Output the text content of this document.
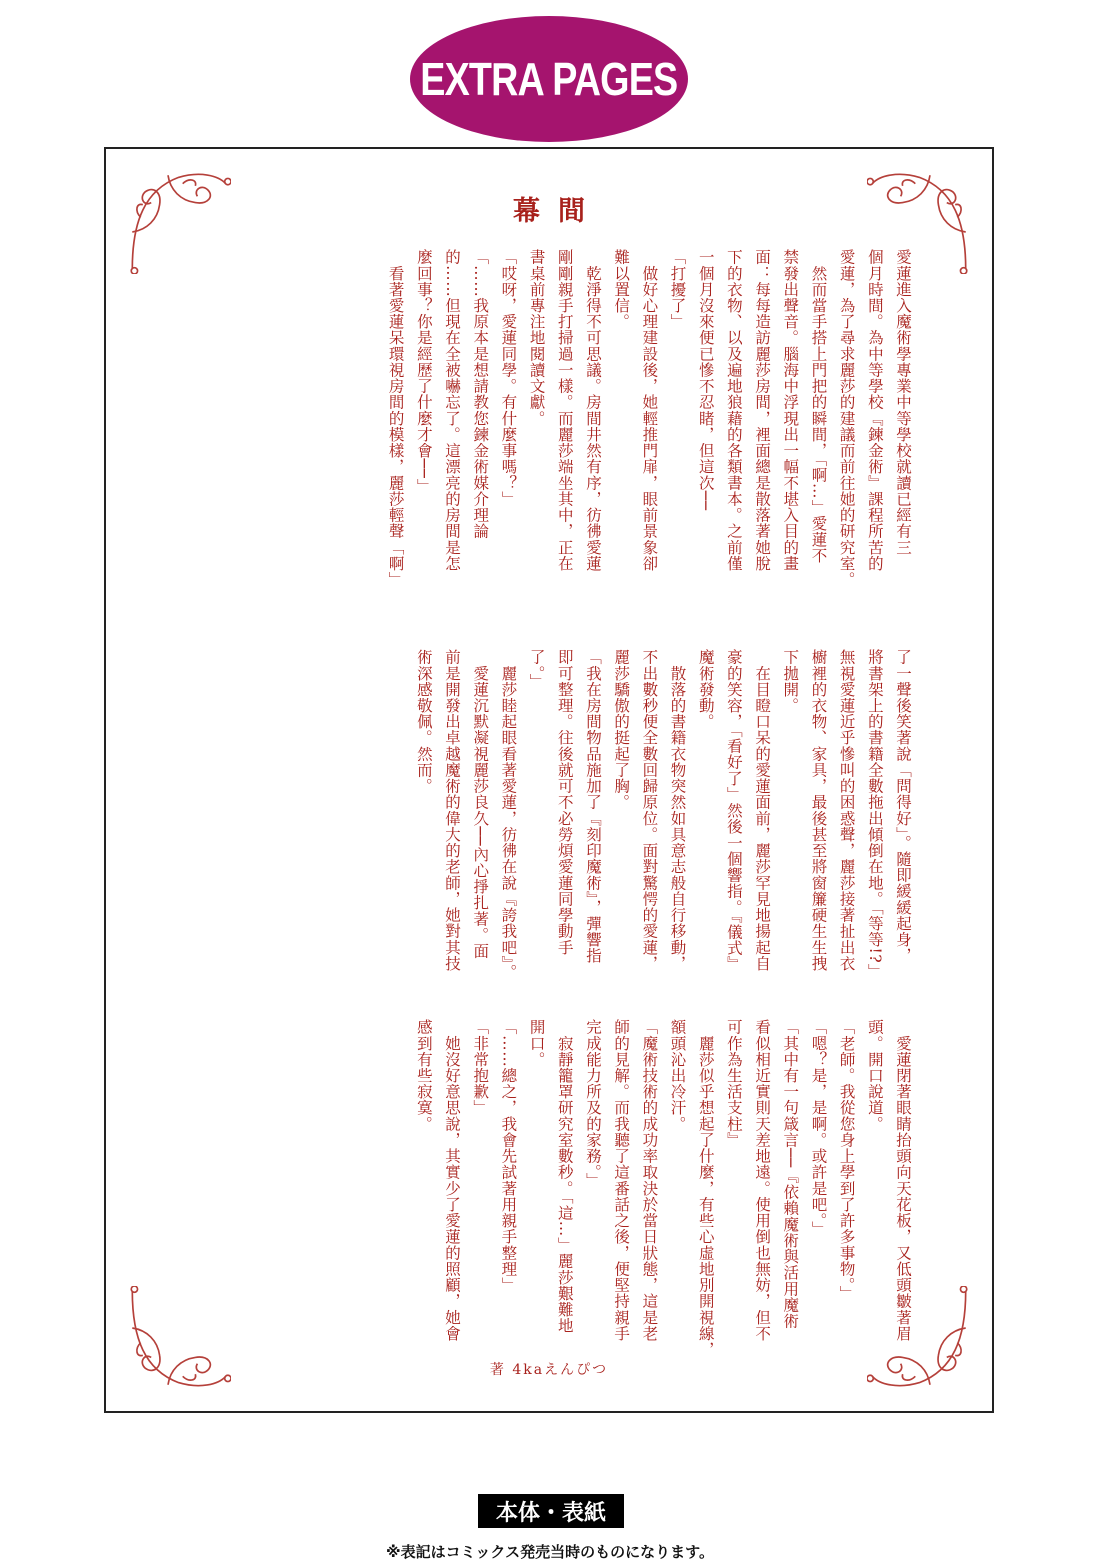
EXTRA PAGES
幕間
愛蓮進入魔術學專業中等學校就讀已經有三
個月時間。為中等學校『鍊金術』課程所苦的
愛蓮，為了尋求麗莎的建議而前往她的研究室。
　然而當手搭上門把的瞬間，「啊…」愛蓮不
禁發出聲音。腦海中浮現出一幅不堪入目的畫
面：每每造訪麗莎房間，裡面總是散落著她脫
下的衣物、以及遍地狼藉的各類書本。之前僅
一個月沒來便已慘不忍睹，但這次──
「打擾了」
　做好心理建設後，她輕推門扉，眼前景象卻
難以置信。
　乾淨得不可思議。房間井然有序，彷彿愛蓮
剛剛親手打掃過一樣。而麗莎端坐其中，正在
書桌前專注地閱讀文獻。
「哎呀，愛蓮同學。有什麼事嗎？」
「……我原本是想請教您鍊金術媒介理論
的……但現在全被嚇忘了。這漂亮的房間是怎
麼回事？你是經歷了什麼才會──」
　看著愛蓮呆環視房間的模樣，麗莎輕聲「啊」
了一聲後笑著說「問得好」。隨即緩緩起身，
將書架上的書籍全數拖出傾倒在地。「等等!?」
無視愛蓮近乎慘叫的困惑聲，麗莎接著扯出衣
櫥裡的衣物、家具，最後甚至將窗簾硬生生拽
下拋開。
　在目瞪口呆的愛蓮面前，麗莎罕見地揚起自
豪的笑容，「看好了」然後一個響指。『儀式』
魔術發動。
　散落的書籍衣物突然如具意志般自行移動，
不出數秒便全數回歸原位。面對驚愕的愛蓮，
麗莎驕傲的挺起了胸。
「我在房間物品施加了『刻印魔術』，彈響指
即可整理。往後就可不必勞煩愛蓮同學動手
了。」
　麗莎睦起眼看著愛蓮，彷彿在說『誇我吧』。
　愛蓮沉默凝視麗莎良久──內心掙扎著。面
前是開發出卓越魔術的偉大的老師，她對其技
術深感敬佩。然而。
　愛蓮閉著眼睛抬頭向天花板，又低頭皺著眉
頭。開口說道。
「老師。我從您身上學到了許多事物。」
「嗯？是，是啊。或許是吧。」
「其中有一句箴言──『依賴魔術與活用魔術
看似相近實則天差地遠。使用倒也無妨，但不
可作為生活支柱』
　麗莎似乎想起了什麼，有些心虛地別開視線，
額頭沁出冷汗。
「魔術技術的成功率取決於當日狀態，這是老
師的見解。而我聽了這番話之後，便堅持親手
完成能力所及的家務。」
　寂靜籠罩研究室數秒。「這…」麗莎艱難地
開口。
「……總之，我會先試著用親手整理」
「非常抱歉」
　她沒好意思說，其實少了愛蓮的照顧，她會
感到有些寂寞。
著 4kaえんぴつ
本体・表紙
※表記はコミックス発売当時のものになります。
